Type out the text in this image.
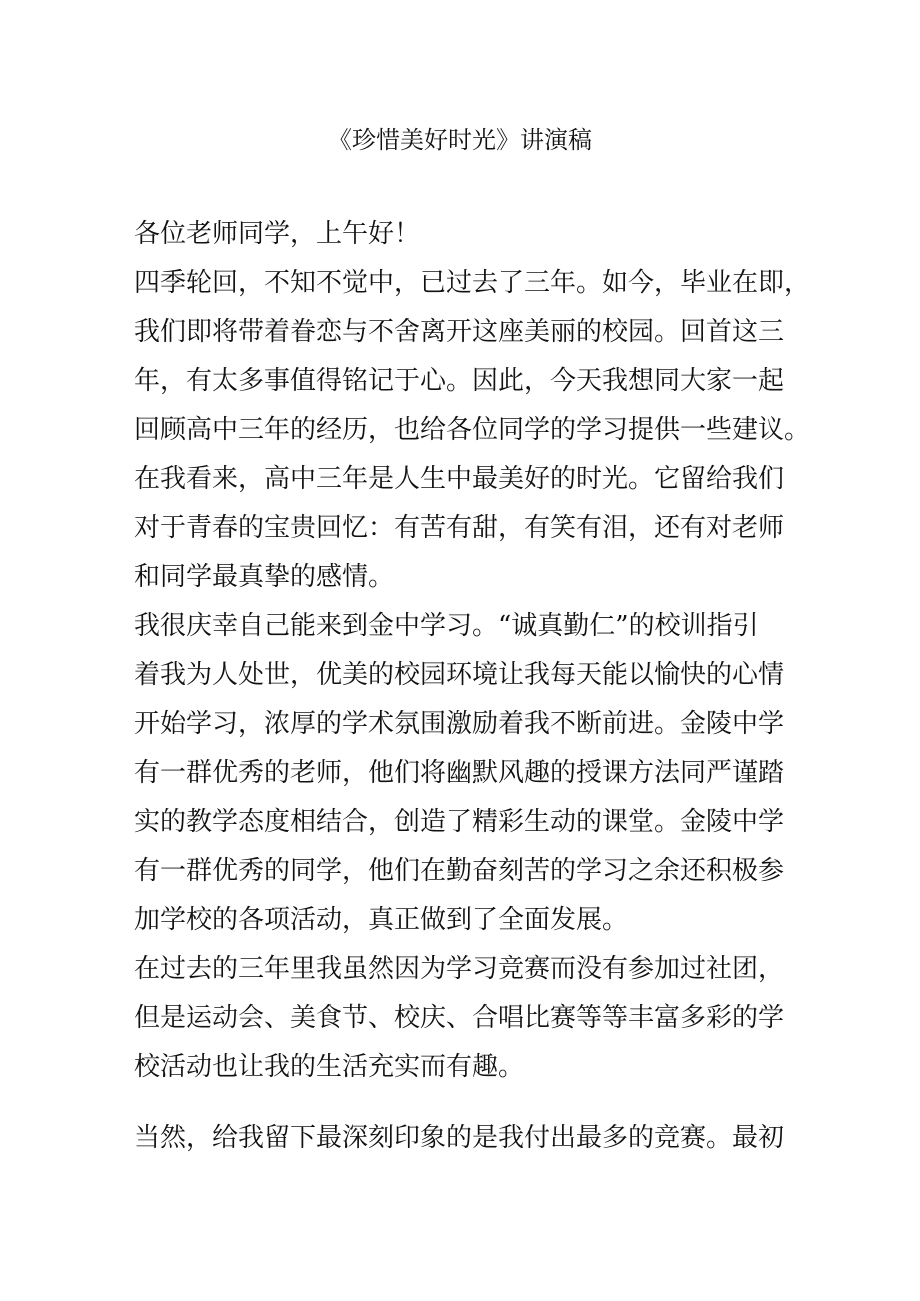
《珍惜美好时光》讲演稿
各位老师同学，上午好！
四季轮回，不知不觉中，已过去了三年。如今，毕业在即，
我们即将带着眷恋与不舍离开这座美丽的校园。回首这三
年，有太多事值得铭记于心。因此，今天我想同大家一起
回顾高中三年的经历，也给各位同学的学习提供一些建议。
在我看来，高中三年是人生中最美好的时光。它留给我们
对于青春的宝贵回忆：有苦有甜，有笑有泪，还有对老师
和同学最真挚的感情。
我很庆幸自己能来到金中学习。“诚真勤仁”的校训指引
着我为人处世，优美的校园环境让我每天能以愉快的心情
开始学习，浓厚的学术氛围激励着我不断前进。金陵中学
有一群优秀的老师，他们将幽默风趣的授课方法同严谨踏
实的教学态度相结合，创造了精彩生动的课堂。金陵中学
有一群优秀的同学，他们在勤奋刻苦的学习之余还积极参
加学校的各项活动，真正做到了全面发展。
在过去的三年里我虽然因为学习竞赛而没有参加过社团，
但是运动会、美食节、校庆、合唱比赛等等丰富多彩的学
校活动也让我的生活充实而有趣。
当然，给我留下最深刻印象的是我付出最多的竞赛。最初
